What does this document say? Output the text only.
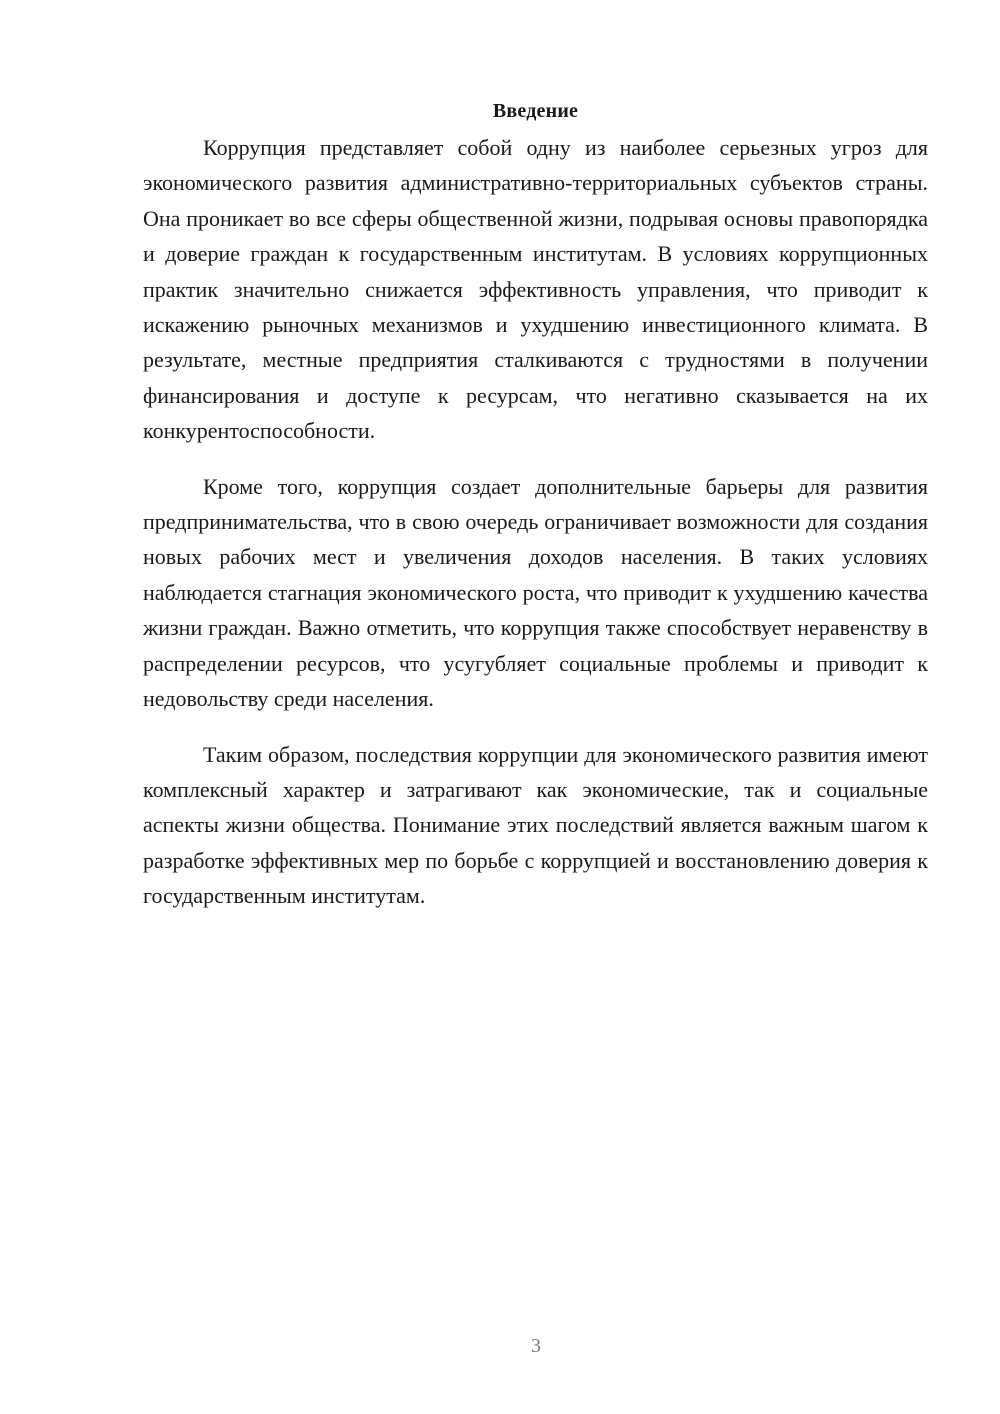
Введение

Коррупция представляет собой одну из наиболее серьезных угроз для экономического развития административно-территориальных субъектов страны. Она проникает во все сферы общественной жизни, подрывая основы правопорядка и доверие граждан к государственным институтам. В условиях коррупционных практик значительно снижается эффективность управления, что приводит к искажению рыночных механизмов и ухудшению инвестиционного климата. В результате, местные предприятия сталкиваются с трудностями в получении финансирования и доступе к ресурсам, что негативно сказывается на их конкурентоспособности.

Кроме того, коррупция создает дополнительные барьеры для развития предпринимательства, что в свою очередь ограничивает возможности для создания новых рабочих мест и увеличения доходов населения. В таких условиях наблюдается стагнация экономического роста, что приводит к ухудшению качества жизни граждан. Важно отметить, что коррупция также способствует неравенству в распределении ресурсов, что усугубляет социальные проблемы и приводит к недовольству среди населения.

Таким образом, последствия коррупции для экономического развития имеют комплексный характер и затрагивают как экономические, так и социальные аспекты жизни общества. Понимание этих последствий является важным шагом к разработке эффективных мер по борьбе с коррупцией и восстановлению доверия к государственным институтам.

3
